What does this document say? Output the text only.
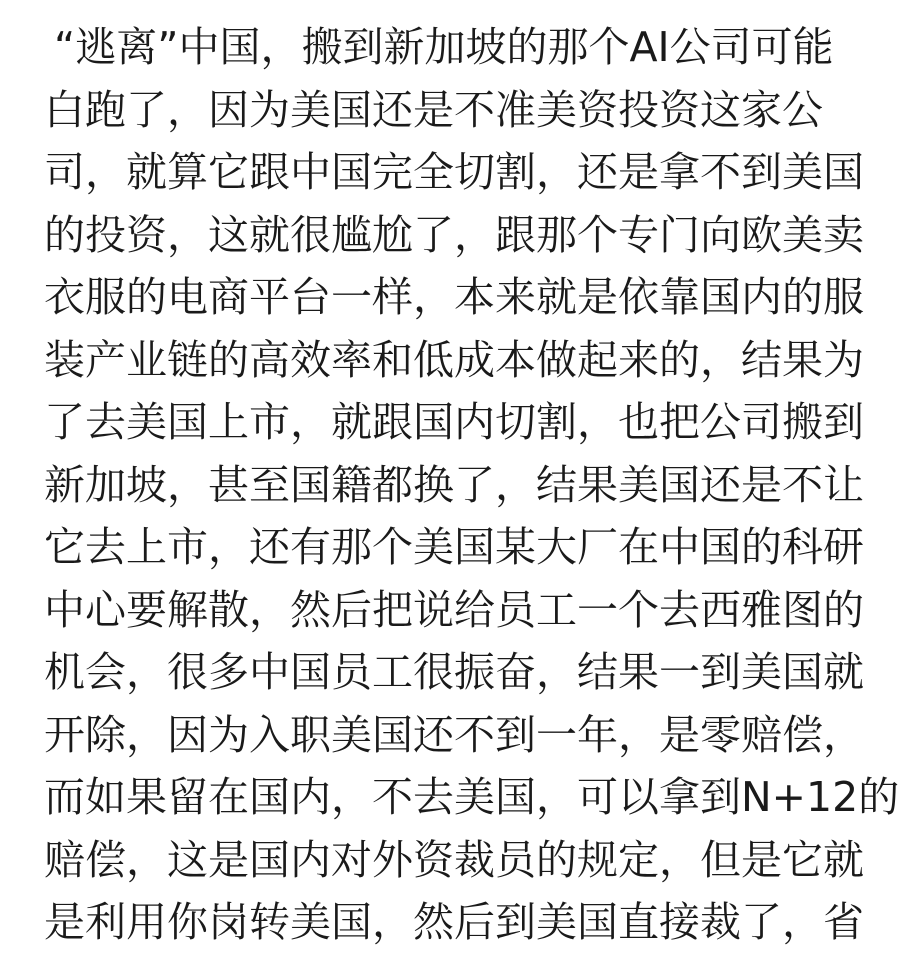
“逃离”中国，搬到新加坡的那个AI公司可能
白跑了，因为美国还是不准美资投资这家公
司，就算它跟中国完全切割，还是拿不到美国
的投资，这就很尴尬了，跟那个专门向欧美卖
衣服的电商平台一样，本来就是依靠国内的服
装产业链的高效率和低成本做起来的，结果为
了去美国上市，就跟国内切割，也把公司搬到
新加坡，甚至国籍都换了，结果美国还是不让
它去上市，还有那个美国某大厂在中国的科研
中心要解散，然后把说给员工一个去西雅图的
机会，很多中国员工很振奋，结果一到美国就
开除，因为入职美国还不到一年，是零赔偿，
而如果留在国内，不去美国，可以拿到N+12的
赔偿，这是国内对外资裁员的规定，但是它就
是利用你岗转美国，然后到美国直接裁了，省
